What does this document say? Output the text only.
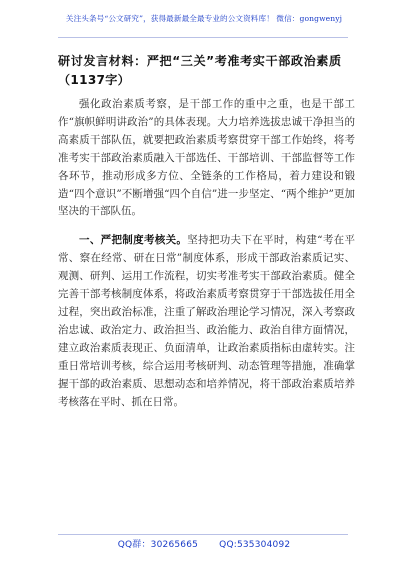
关注头条号“公文研究”，获得最新最全最专业的公文资料库！ 微信：gongwenyj
研讨发言材料：严把“三关”考准考实干部政治素质
（1137字）

强化政治素质考察，是干部工作的重中之重，也是干部工作“旗帜鲜明讲政治”的具体表现。大力培养选拔忠诚干净担当的高素质干部队伍，就要把政治素质考察贯穿干部工作始终，将考准考实干部政治素质融入干部选任、干部培训、干部监督等工作各环节，推动形成多方位、全链条的工作格局，着力建设和锻造“四个意识”不断增强“四个自信”进一步坚定、“两个维护”更加坚决的干部队伍。

一、严把制度考核关。坚持把功夫下在平时，构建“考在平常、察在经常、研在日常”制度体系，形成干部政治素质记实、观测、研判、运用工作流程，切实考准考实干部政治素质。健全完善干部考核制度体系，将政治素质考察贯穿于干部选拔任用全过程，突出政治标准，注重了解政治理论学习情况，深入考察政治忠诚、政治定力、政治担当、政治能力、政治自律方面情况，建立政治素质表现正、负面清单，让政治素质指标由虚转实。注重日常培训考核，综合运用考核研判、动态管理等措施，准确掌握干部的政治素质、思想动态和培养情况，将干部政治素质培养考核落在平时、抓在日常。

QQ群：30265665 QQ:535304092
